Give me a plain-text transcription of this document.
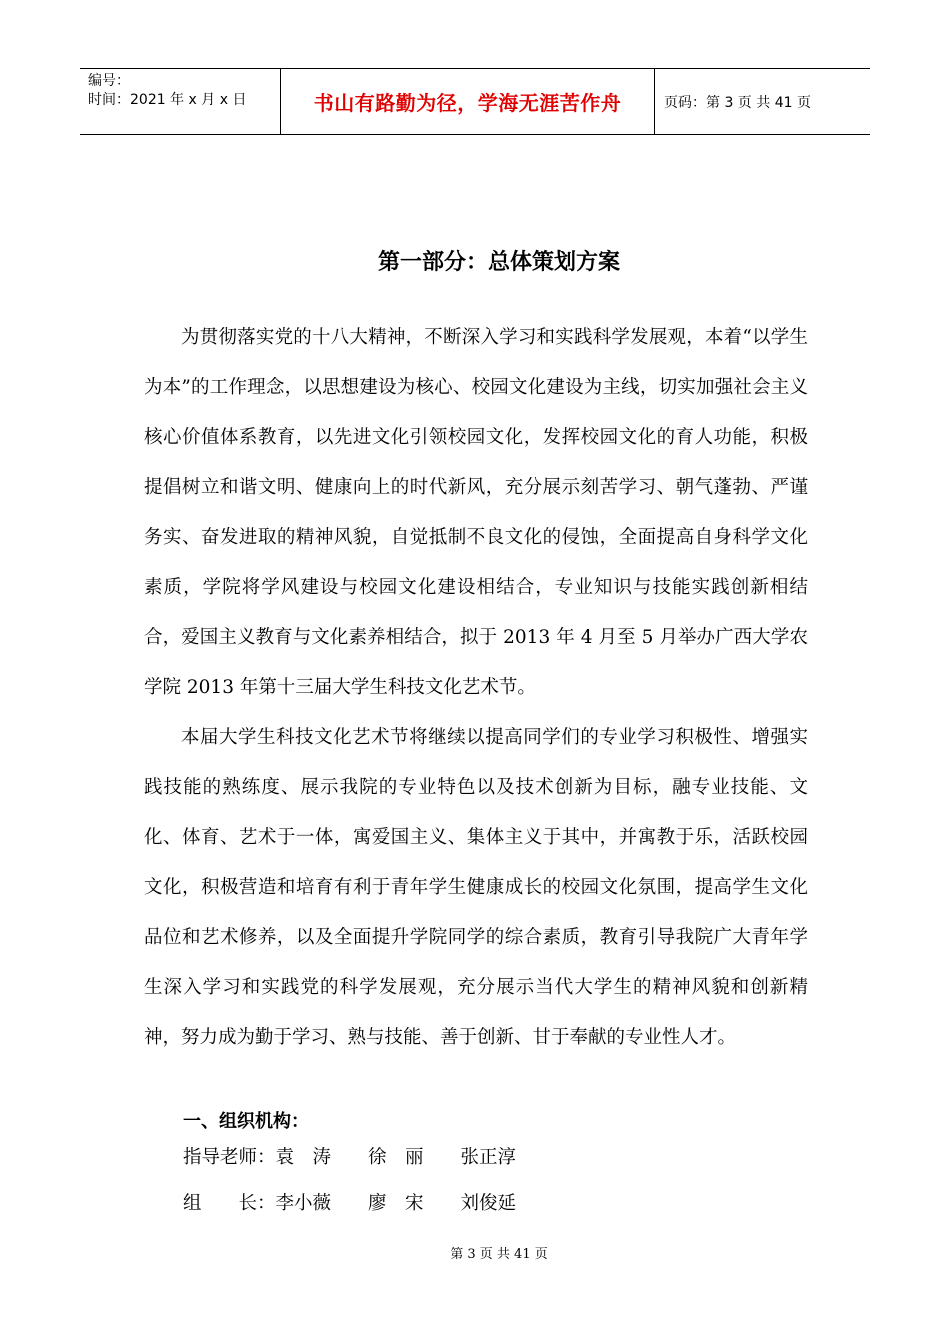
编号：
时间：2021 年 x 月 x 日	书山有路勤为径，学海无涯苦作舟	页码：第 3 页 共 41 页
第一部分：总体策划方案

为贯彻落实党的十八大精神，不断深入学习和实践科学发展观，本着“以学生为本”的工作理念，以思想建设为核心、校园文化建设为主线，切实加强社会主义核心价值体系教育，以先进文化引领校园文化，发挥校园文化的育人功能，积极提倡树立和谐文明、健康向上的时代新风，充分展示刻苦学习、朝气蓬勃、严谨务实、奋发进取的精神风貌，自觉抵制不良文化的侵蚀，全面提高自身科学文化素质，学院将学风建设与校园文化建设相结合，专业知识与技能实践创新相结合，爱国主义教育与文化素养相结合，拟于 2013 年 4 月至 5 月举办广西大学农学院 2013 年第十三届大学生科技文化艺术节。

本届大学生科技文化艺术节将继续以提高同学们的专业学习积极性、增强实践技能的熟练度、展示我院的专业特色以及技术创新为目标，融专业技能、文化、体育、艺术于一体，寓爱国主义、集体主义于其中，并寓教于乐，活跃校园文化，积极营造和培育有利于青年学生健康成长的校园文化氛围，提高学生文化品位和艺术修养，以及全面提升学院同学的综合素质，教育引导我院广大青年学生深入学习和实践党的科学发展观，充分展示当代大学生的精神风貌和创新精神，努力成为勤于学习、熟与技能、善于创新、甘于奉献的专业性人才。

一、组织机构：
指导老师：袁　涛　　徐　丽　　张正淳
组　　长：李小薇　　廖　宋　　刘俊延
第 3 页 共 41 页
